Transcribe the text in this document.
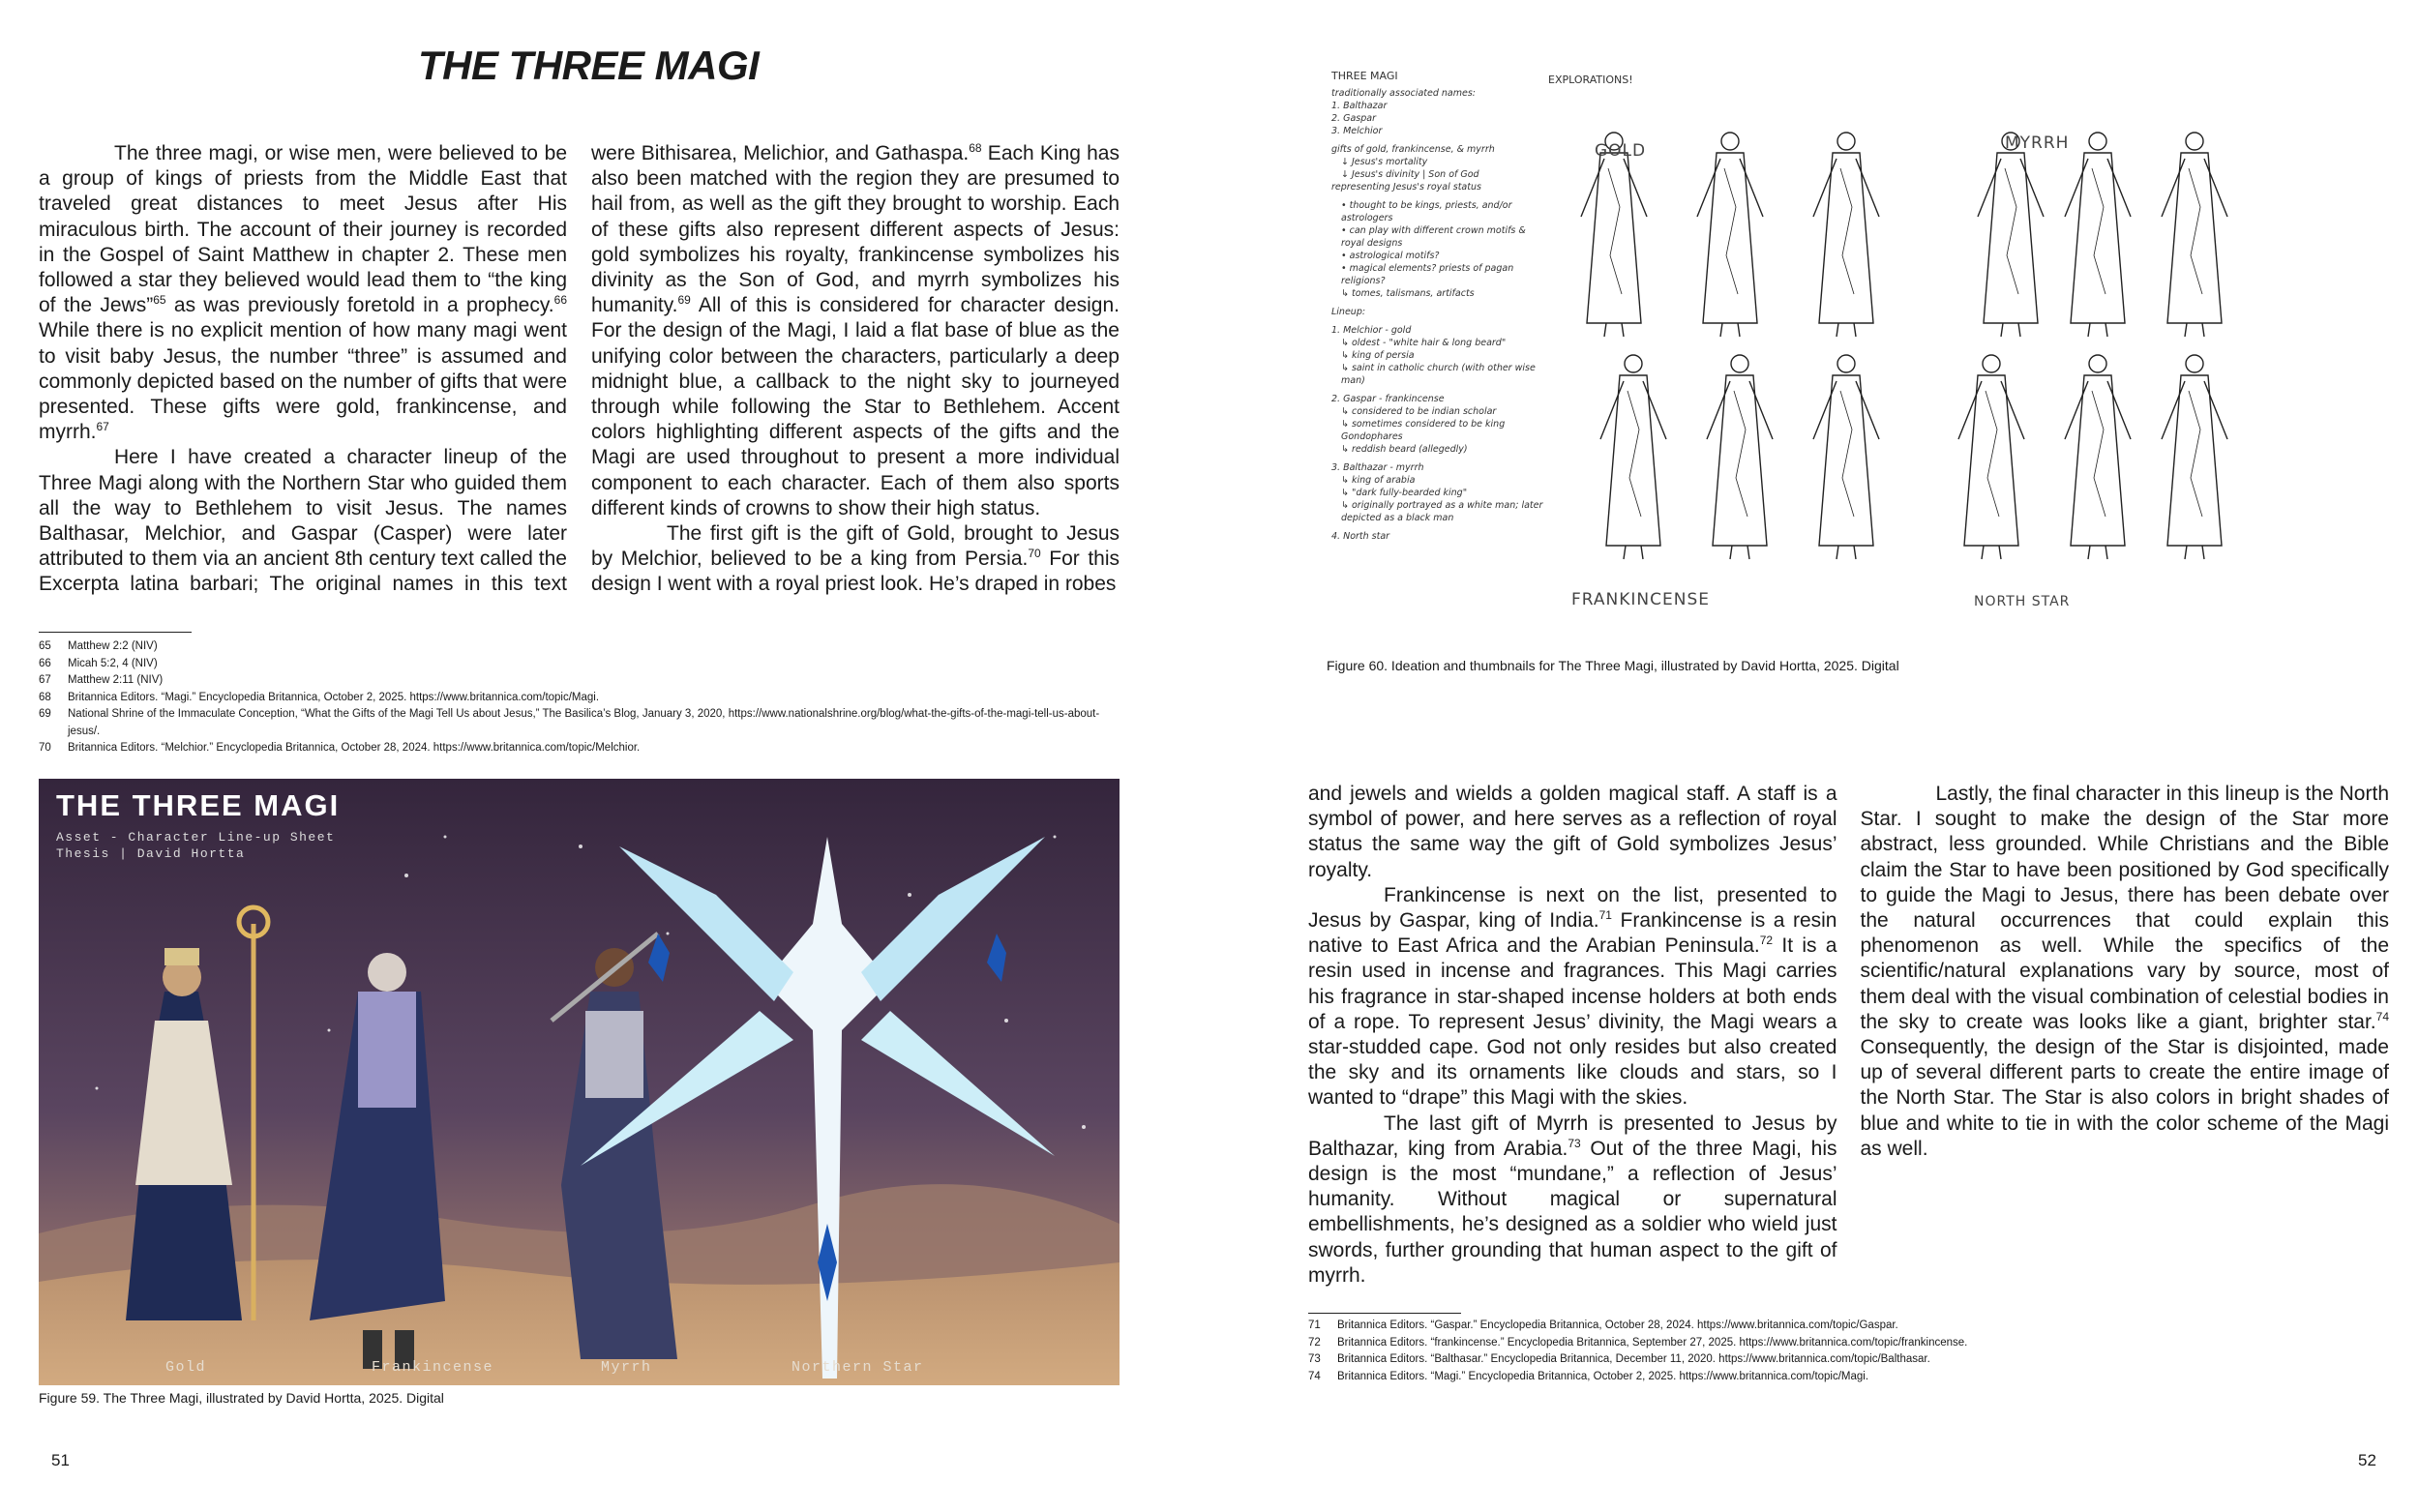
THE THREE MAGI

The three magi, or wise men, were believed to be a group of kings of priests from the Middle East that traveled great distances to meet Jesus after His miraculous birth. The account of their journey is recorded in the Gospel of Saint Matthew in chapter 2. These men followed a star they believed would lead them to “the king of the Jews”$^{65}$ as was previously foretold in a prophecy.$^{66}$ While there is no explicit mention of how many magi went to visit baby Jesus, the number “three” is assumed and commonly depicted based on the number of gifts that were presented. These gifts were gold, frankincense, and myrrh.$^{67}$

Here I have created a character lineup of the Three Magi along with the Northern Star who guided them all the way to Bethlehem to visit Jesus. The names Balthasar, Melchior, and Gaspar (Casper) were later attributed to them via an ancient 8th century text called the Excerpta latina barbari; The original names in this text were Bithisarea, Melichior, and Gathaspa.$^{68}$ Each King has also been matched with the region they are presumed to hail from, as well as the gift they brought to worship. Each of these gifts also represent different aspects of Jesus: gold symbolizes his royalty, frankincense symbolizes his divinity as the Son of God, and myrrh symbolizes his humanity.$^{69}$ All of this is considered for character design. For the design of the Magi, I laid a flat base of blue as the unifying color between the characters, particularly a deep midnight blue, a callback to the night sky to journeyed through while following the Star to Bethlehem. Accent colors highlighting different aspects of the gifts and the Magi are used throughout to present a more individual component to each character. Each of them also sports different kinds of crowns to show their high status.

The first gift is the gift of Gold, brought to Jesus by Melchior, believed to be a king from Persia.$^{70}$ For this design I went with a royal priest look. He’s draped in robes

65	Matthew 2:2 (NIV)
66	Micah 5:2, 4 (NIV)
67	Matthew 2:11 (NIV)
68	Britannica Editors. “Magi.” Encyclopedia Britannica, October 2, 2025. https://www.britannica.com/topic/Magi.
69	National Shrine of the Immaculate Conception, “What the Gifts of the Magi Tell Us about Jesus,” The Basilica’s Blog, January 3, 2020, https://www.nationalshrine.org/blog/what-the-gifts-of-the-magi-tell-us-about-jesus/.
70	Britannica Editors. “Melchior.” Encyclopedia Britannica, October 28, 2024. https://www.britannica.com/topic/Melchior.
THE THREE MAGI
Asset - Character Line-up Sheet
Thesis | David Hortta
Gold	Frankincense	Myrrh	Northern Star
Figure 59. The Three Magi, illustrated by David Hortta, 2025. Digital
51
THREE MAGI	EXPLORATIONS!
traditionally associated names:
1. Balthazar
2. Gaspar
3. Melchior
gifts of gold, frankincense, & myrrh
↓ Jesus's mortality
↓ Jesus's divinity | Son of God
representing Jesus's royal status
• thought to be kings, priests, and/or astrologers
• can play with different crown motifs & royal designs
• astrological motifs?
• magical elements? priests of pagan religions?
↳ tomes, talismans, artifacts
Lineup:
1. Melchior - gold
↳ oldest - "white hair & long beard"
↳ king of persia
↳ saint in catholic church (with other wise man)
2. Gaspar - frankincense
↳ considered to be indian scholar
↳ sometimes considered to be king Gondophares
↳ reddish beard (allegedly)
3. Balthazar - myrrh
↳ king of arabia
↳ "dark fully-bearded king"
↳ originally portrayed as a white man; later depicted as a black man
4. North star
GOLD	MYRRH
FRANKINCENSE	NORTH STAR
Figure 60. Ideation and thumbnails for The Three Magi, illustrated by David Hortta, 2025. Digital

and jewels and wields a golden magical staff. A staff is a symbol of power, and here serves as a reflection of royal status the same way the gift of Gold symbolizes Jesus’ royalty.

Frankincense is next on the list, presented to Jesus by Gaspar, king of India.$^{71}$ Frankincense is a resin native to East Africa and the Arabian Peninsula.$^{72}$ It is a resin used in incense and fragrances. This Magi carries his fragrance in star-shaped incense holders at both ends of a rope. To represent Jesus’ divinity, the Magi wears a star-studded cape. God not only resides but also created the sky and its ornaments like clouds and stars, so I wanted to “drape” this Magi with the skies.

The last gift of Myrrh is presented to Jesus by Balthazar, king from Arabia.$^{73}$ Out of the three Magi, his design is the most “mundane,” a reflection of Jesus’ humanity. Without magical or supernatural embellishments, he’s designed as a soldier who wield just swords, further grounding that human aspect to the gift of myrrh.

Lastly, the final character in this lineup is the North Star. I sought to make the design of the Star more abstract, less grounded. While Christians and the Bible claim the Star to have been positioned by God specifically to guide the Magi to Jesus, there has been debate over the natural occurrences that could explain this phenomenon as well. While the specifics of the scientific/natural explanations vary by source, most of them deal with the visual combination of celestial bodies in the sky to create was looks like a giant, brighter star.$^{74}$ Consequently, the design of the Star is disjointed, made up of several different parts to create the entire image of the North Star. The Star is also colors in bright shades of blue and white to tie in with the color scheme of the Magi as well.

71	Britannica Editors. “Gaspar.” Encyclopedia Britannica, October 28, 2024. https://www.britannica.com/topic/Gaspar.
72	Britannica Editors. “frankincense.” Encyclopedia Britannica, September 27, 2025. https://www.britannica.com/topic/frankincense.
73	Britannica Editors. “Balthasar.” Encyclopedia Britannica, December 11, 2020. https://www.britannica.com/topic/Balthasar.
74	Britannica Editors. “Magi.” Encyclopedia Britannica, October 2, 2025. https://www.britannica.com/topic/Magi.
52
